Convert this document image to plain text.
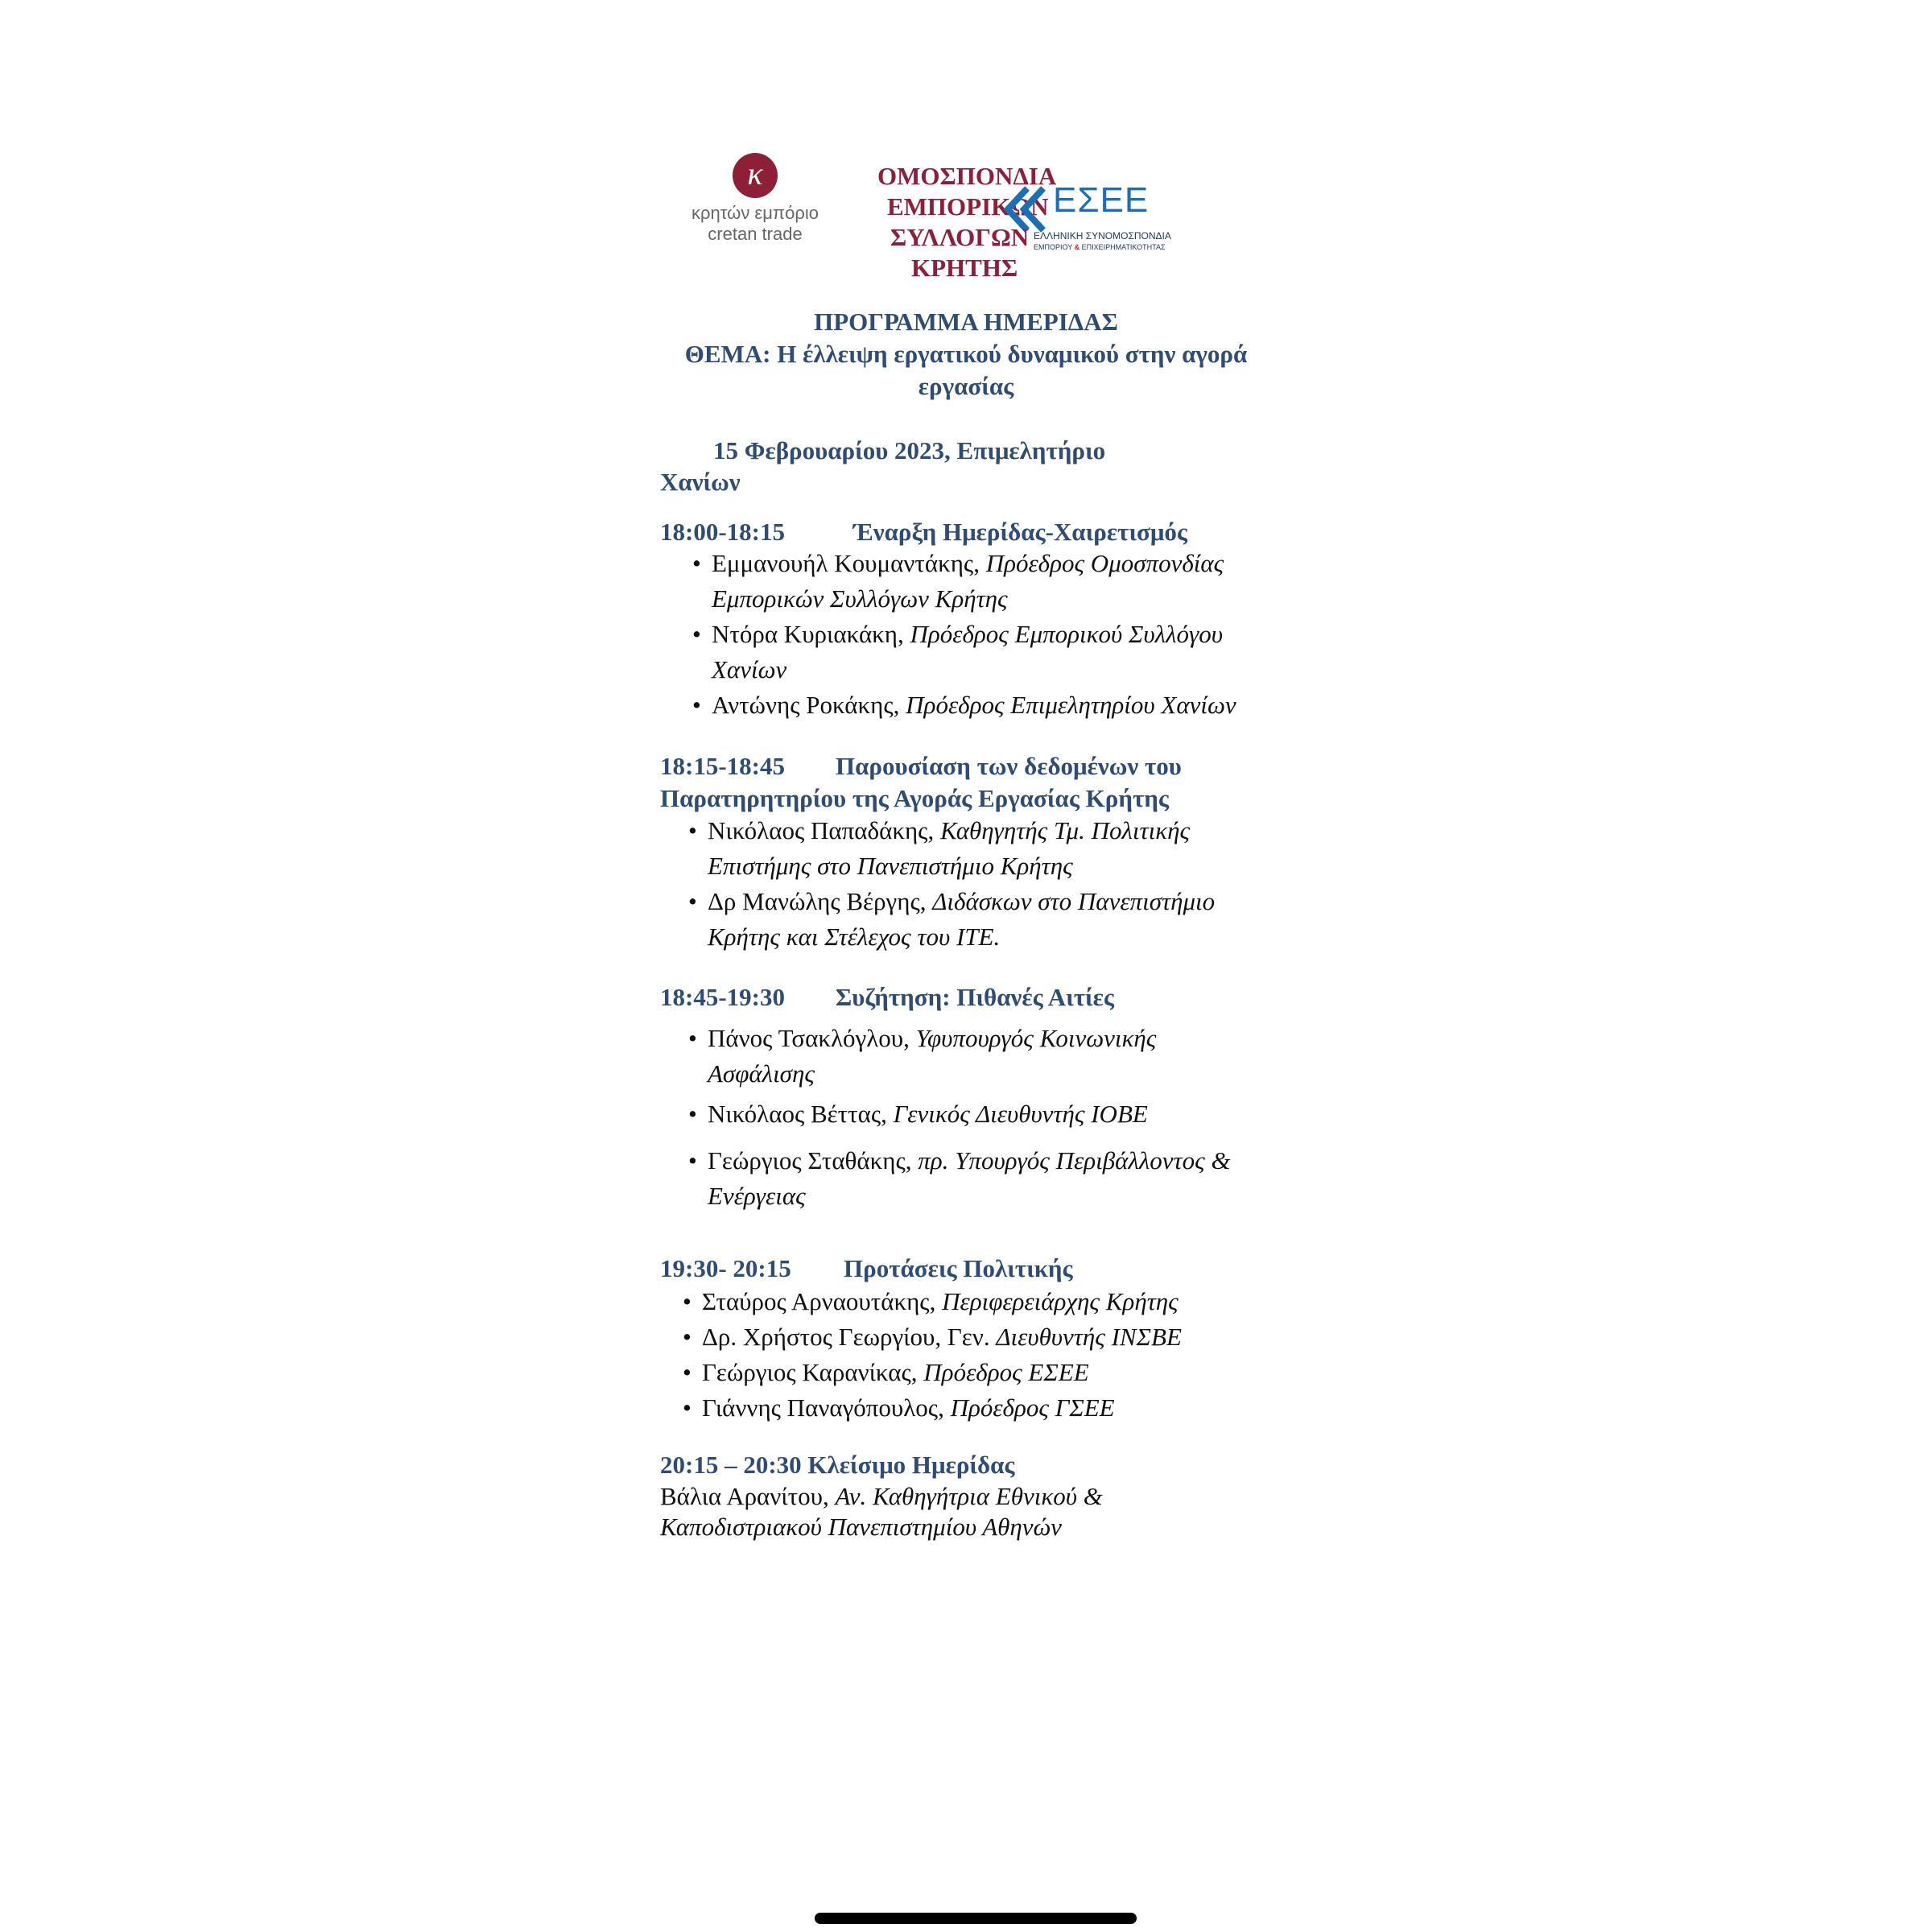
κ
κρητών εμπόριο
cretan trade
ΟΜΟΣΠΟΝΔΙΑ
ΕΜΠΟΡΙΚΩΝ ΕΣΕΕ
ΕΛΛΗΝΙΚΗ ΣΥΝΟΜΟΣΠΟΝΔΙΑ
ΕΜΠΟΡΙΟΥ & ΕΠΙΧΕΙΡΗΜΑΤΙΚΟΤΗΤΑΣ
ΣΥΛΛΟΓΩΝ
ΚΡΗΤΗΣ
ΠΡΟΓΡΑΜΜΑ ΗΜΕΡΙΔΑΣ
ΘΕΜΑ: Η έλλειψη εργατικού δυναμικού στην αγορά
εργασίας
15 Φεβρουαρίου 2023, Επιμελητήριο
Χανίων
18:00-18:15	Έναρξη Ημερίδας-Χαιρετισμός
• Εμμανουήλ Κουμαντάκης, Πρόεδρος Ομοσπονδίας
Εμπορικών Συλλόγων Κρήτης
• Ντόρα Κυριακάκη, Πρόεδρος Εμπορικού Συλλόγου
Χανίων
• Αντώνης Ροκάκης, Πρόεδρος Επιμελητηρίου Χανίων
18:15-18:45 Παρουσίαση των δεδομένων του
Παρατηρητηρίου της Αγοράς Εργασίας Κρήτης
• Νικόλαος Παπαδάκης, Καθηγητής Τμ. Πολιτικής
Επιστήμης στο Πανεπιστήμιο Κρήτης
• Δρ Μανώλης Βέργης, Διδάσκων στο Πανεπιστήμιο
Κρήτης και Στέλεχος του ΙΤΕ.
18:45-19:30 Συζήτηση: Πιθανές Αιτίες
• Πάνος Τσακλόγλου, Υφυπουργός Κοινωνικής
Ασφάλισης
• Νικόλαος Βέττας, Γενικός Διευθυντής ΙΟΒΕ
• Γεώργιος Σταθάκης, πρ. Υπουργός Περιβάλλοντος &
Ενέργειας
19:30- 20:15 Προτάσεις Πολιτικής
• Σταύρος Αρναουτάκης, Περιφερειάρχης Κρήτης
• Δρ. Χρήστος Γεωργίου, Γεν. Διευθυντής ΙΝΣΒΕ
• Γεώργιος Καρανίκας, Πρόεδρος ΕΣΕΕ
• Γιάννης Παναγόπουλος, Πρόεδρος ΓΣΕΕ
20:15 – 20:30 Κλείσιμο Ημερίδας
Βάλια Αρανίτου, Αν. Καθηγήτρια Εθνικού &
Καποδιστριακού Πανεπιστημίου Αθηνών
